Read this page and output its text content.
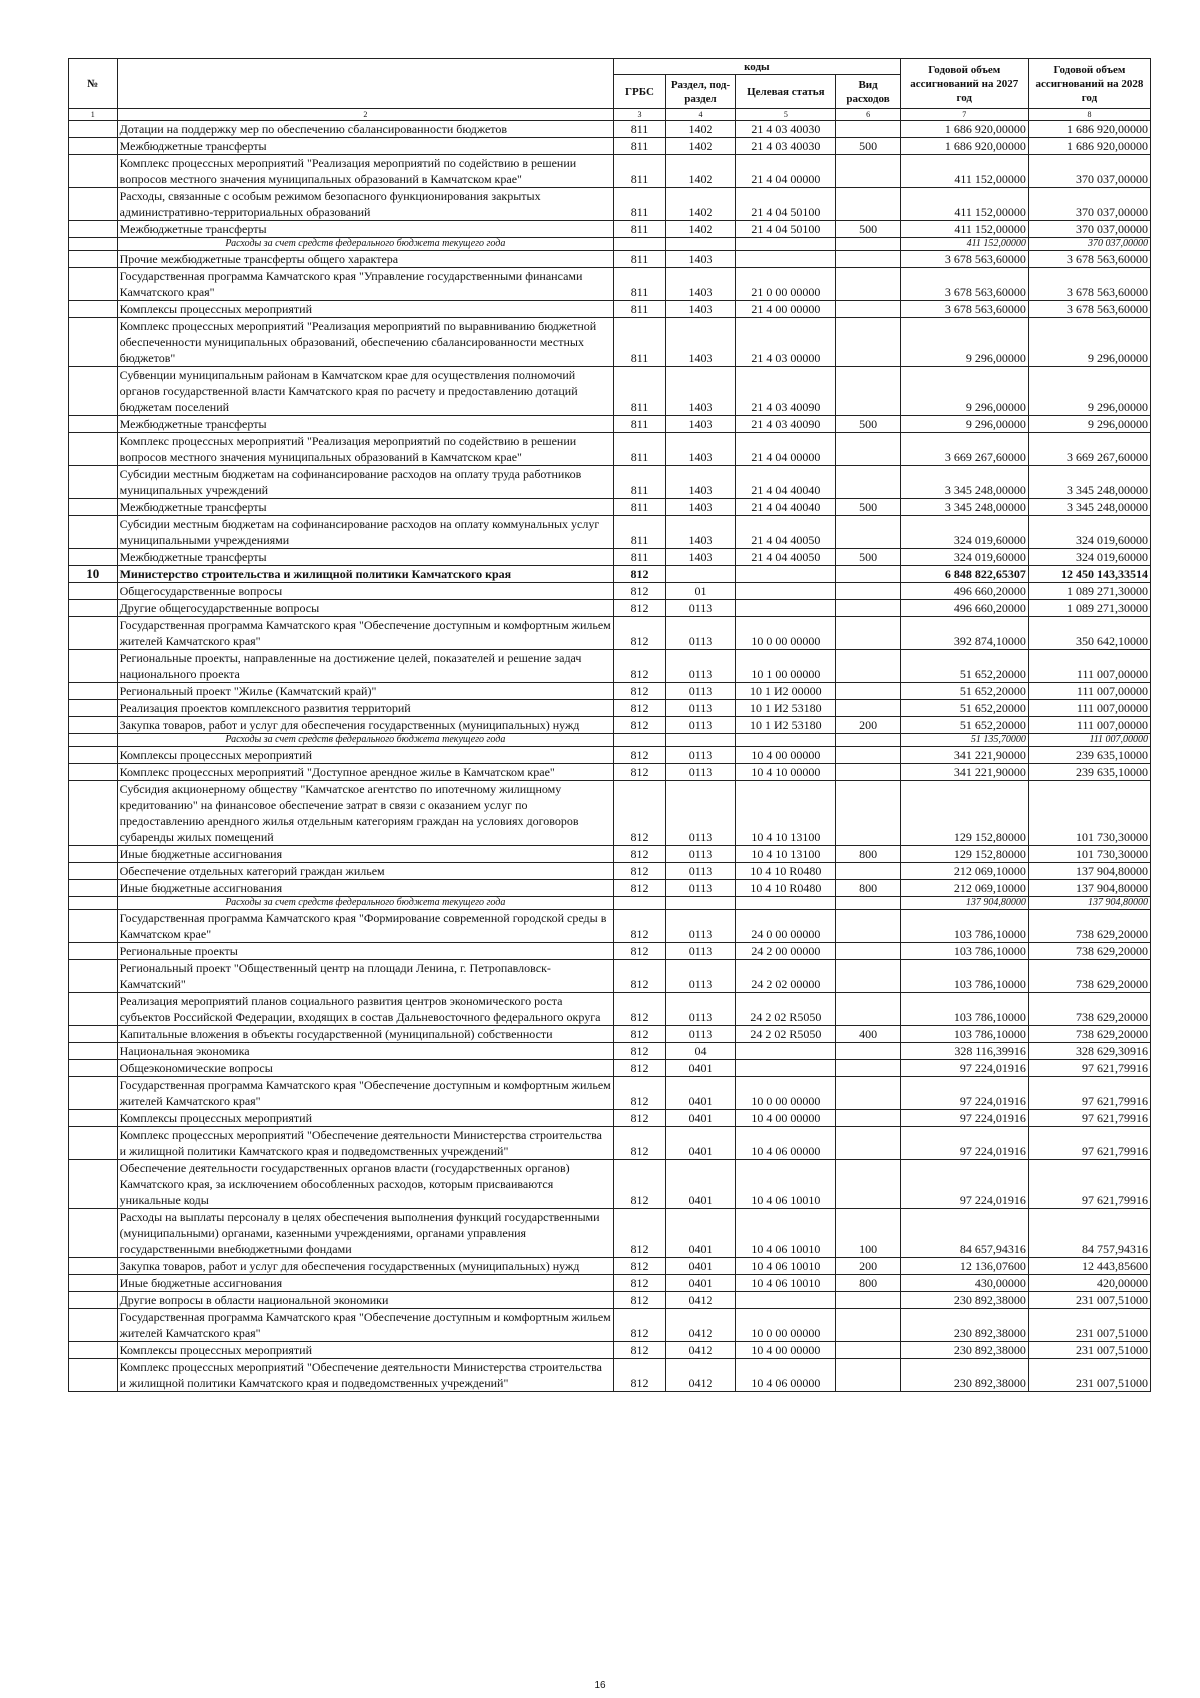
№		коды				Годовой объем ассигнований на 2027 год	Годовой объем ассигнований на 2028 год
		ГРБС	Раздел, под-раздел	Целевая статья	Вид расходов		
1	2	3	4	5	6	7	8
	Дотации на поддержку мер по обеспечению сбалансированности бюджетов	811	1402	21 4 03 40030		1 686 920,00000	1 686 920,00000
	Межбюджетные трансферты	811	1402	21 4 03 40030	500	1 686 920,00000	1 686 920,00000
	Комплекс процессных мероприятий "Реализация мероприятий по содействию в решении вопросов местного значения муниципальных образований в Камчатском крае"	811	1402	21 4 04 00000		411 152,00000	370 037,00000
	Расходы, связанные с особым режимом безопасного функционирования закрытых административно-территориальных образований	811	1402	21 4 04 50100		411 152,00000	370 037,00000
	Межбюджетные трансферты	811	1402	21 4 04 50100	500	411 152,00000	370 037,00000
	Расходы за счет средств федерального бюджета текущего года					411 152,00000	370 037,00000
	Прочие межбюджетные трансферты общего характера	811	1403			3 678 563,60000	3 678 563,60000
	Государственная программа Камчатского края "Управление государственными финансами Камчатского края"	811	1403	21 0 00 00000		3 678 563,60000	3 678 563,60000
	Комплексы процессных мероприятий	811	1403	21 4 00 00000		3 678 563,60000	3 678 563,60000
	Комплекс процессных мероприятий "Реализация мероприятий по выравниванию бюджетной обеспеченности муниципальных образований, обеспечению сбалансированности местных бюджетов"	811	1403	21 4 03 00000		9 296,00000	9 296,00000
	Субвенции муниципальным районам в Камчатском крае для осуществления полномочий органов государственной власти Камчатского края по расчету и предоставлению дотаций бюджетам поселений	811	1403	21 4 03 40090		9 296,00000	9 296,00000
	Межбюджетные трансферты	811	1403	21 4 03 40090	500	9 296,00000	9 296,00000
	Комплекс процессных мероприятий "Реализация мероприятий по содействию в решении вопросов местного значения муниципальных образований в Камчатском крае"	811	1403	21 4 04 00000		3 669 267,60000	3 669 267,60000
	Субсидии местным бюджетам на софинансирование расходов на оплату труда работников муниципальных учреждений	811	1403	21 4 04 40040		3 345 248,00000	3 345 248,00000
	Межбюджетные трансферты	811	1403	21 4 04 40040	500	3 345 248,00000	3 345 248,00000
	Субсидии местным бюджетам на софинансирование расходов на оплату коммунальных услуг муниципальными учреждениями	811	1403	21 4 04 40050		324 019,60000	324 019,60000
	Межбюджетные трансферты	811	1403	21 4 04 40050	500	324 019,60000	324 019,60000
10	Министерство строительства и жилищной политики Камчатского края	812				6 848 822,65307	12 450 143,33514
	Общегосударственные вопросы	812	01			496 660,20000	1 089 271,30000
	Другие общегосударственные вопросы	812	0113			496 660,20000	1 089 271,30000
	Государственная программа Камчатского края "Обеспечение доступным и комфортным жильем жителей Камчатского края"	812	0113	10 0 00 00000		392 874,10000	350 642,10000
	Региональные проекты, направленные на достижение целей, показателей и решение задач национального проекта	812	0113	10 1 00 00000		51 652,20000	111 007,00000
	Региональный проект "Жилье (Камчатский край)"	812	0113	10 1 И2 00000		51 652,20000	111 007,00000
	Реализация проектов комплексного развития территорий	812	0113	10 1 И2 53180		51 652,20000	111 007,00000
	Закупка товаров, работ и услуг для обеспечения государственных (муниципальных) нужд	812	0113	10 1 И2 53180	200	51 652,20000	111 007,00000
	Расходы за счет средств федерального бюджета текущего года					51 135,70000	111 007,00000
	Комплексы процессных мероприятий	812	0113	10 4 00 00000		341 221,90000	239 635,10000
	Комплекс процессных мероприятий "Доступное арендное жилье в Камчатском крае"	812	0113	10 4 10 00000		341 221,90000	239 635,10000
	Субсидия акционерному обществу "Камчатское агентство по ипотечному жилищному кредитованию" на финансовое обеспечение затрат в связи с оказанием услуг по предоставлению арендного жилья отдельным категориям граждан на условиях договоров субаренды жилых помещений	812	0113	10 4 10 13100		129 152,80000	101 730,30000
	Иные бюджетные ассигнования	812	0113	10 4 10 13100	800	129 152,80000	101 730,30000
	Обеспечение отдельных категорий граждан жильем	812	0113	10 4 10 R0480		212 069,10000	137 904,80000
	Иные бюджетные ассигнования	812	0113	10 4 10 R0480	800	212 069,10000	137 904,80000
	Расходы за счет средств федерального бюджета текущего года					137 904,80000	137 904,80000
	Государственная программа Камчатского края "Формирование современной городской среды в Камчатском крае"	812	0113	24 0 00 00000		103 786,10000	738 629,20000
	Региональные проекты	812	0113	24 2 00 00000		103 786,10000	738 629,20000
	Региональный проект "Общественный центр на площади Ленина, г. Петропавловск-Камчатский"	812	0113	24 2 02 00000		103 786,10000	738 629,20000
	Реализация мероприятий планов социального развития центров экономического роста субъектов Российской Федерации, входящих в состав Дальневосточного федерального округа	812	0113	24 2 02 R5050		103 786,10000	738 629,20000
	Капитальные вложения в объекты государственной (муниципальной) собственности	812	0113	24 2 02 R5050	400	103 786,10000	738 629,20000
	Национальная экономика	812	04			328 116,39916	328 629,30916
	Общеэкономические вопросы	812	0401			97 224,01916	97 621,79916
	Государственная программа Камчатского края "Обеспечение доступным и комфортным жильем жителей Камчатского края"	812	0401	10 0 00 00000		97 224,01916	97 621,79916
	Комплексы процессных мероприятий	812	0401	10 4 00 00000		97 224,01916	97 621,79916
	Комплекс процессных мероприятий "Обеспечение деятельности Министерства строительства и жилищной политики Камчатского края и подведомственных учреждений"	812	0401	10 4 06 00000		97 224,01916	97 621,79916
	Обеспечение деятельности государственных органов власти (государственных органов) Камчатского края, за исключением обособленных расходов, которым присваиваются уникальные коды	812	0401	10 4 06 10010		97 224,01916	97 621,79916
	Расходы на выплаты персоналу в целях обеспечения выполнения функций государственными (муниципальными) органами, казенными учреждениями, органами управления государственными внебюджетными фондами	812	0401	10 4 06 10010	100	84 657,94316	84 757,94316
	Закупка товаров, работ и услуг для обеспечения государственных (муниципальных) нужд	812	0401	10 4 06 10010	200	12 136,07600	12 443,85600
	Иные бюджетные ассигнования	812	0401	10 4 06 10010	800	430,00000	420,00000
	Другие вопросы в области национальной экономики	812	0412			230 892,38000	231 007,51000
	Государственная программа Камчатского края "Обеспечение доступным и комфортным жильем жителей Камчатского края"	812	0412	10 0 00 00000		230 892,38000	231 007,51000
	Комплексы процессных мероприятий	812	0412	10 4 00 00000		230 892,38000	231 007,51000
	Комплекс процессных мероприятий "Обеспечение деятельности Министерства строительства и жилищной политики Камчатского края и подведомственных учреждений"	812	0412	10 4 06 00000		230 892,38000	231 007,51000
16
